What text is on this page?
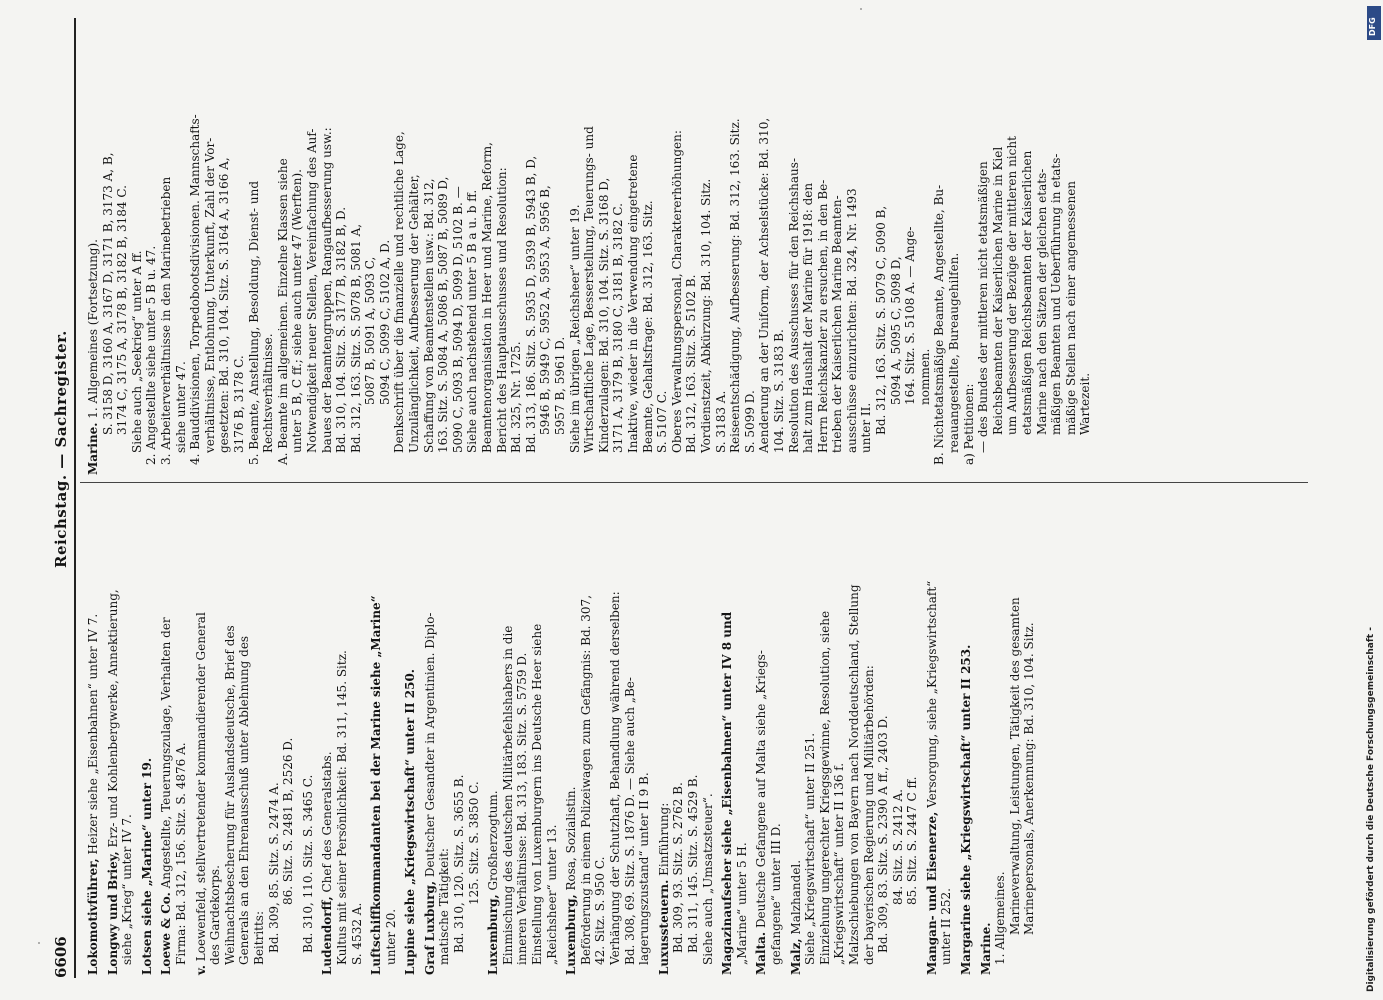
6606
Reichstag. — Sachregister.
Lokomotivführer, Heizer siehe „Eisenbahnen“ unter IV 7.
Longwy und Briey, Erz- und Kohlenbergwerke, Annektierung,
siehe „Krieg“ unter IV 7. Lotsen siehe „Marine“ unter 19. Loewe & Co. Angestellte, Teuerungszulage, Verhalten der Firma: Bd. 312, 156. Sitz. S. 4876 A.
v. Loewenfeld, stellvertretender kommandierender General des Gardekorps. Weihnachtsbescherung für Auslandsdeutsche, Brief des Generals an den Ehrenausschuß unter Ablehnung des Beitritts: Bd. 309, 85. Sitz. S. 2474 A. 86. Sitz. S. 2481 B, 2526 D. Bd. 310, 110. Sitz. S. 3465 C. Ludendorff, Chef des Generalstabs. Kultus mit seiner Persönlichkeit: Bd. 311, 145. Sitz. S. 4532 A. Luftschiffkommandanten bei der Marine siehe „Marine“ unter 20. Lupine siehe „Kriegswirtschaft“ unter II 250. Graf Luxburg, Deutscher Gesandter in Argentinien. Diplo-
matische Tätigkeit: Bd. 310, 120. Sitz. S. 3655 B. 125. Sitz. S. 3850 C.
Luxemburg, Großherzogtum. Einmischung des deutschen Militärbefehlshabers in die inneren Verhältnisse: Bd. 313, 183. Sitz. S. 5759 D. Einstellung von Luxemburgern ins Deutsche Heer siehe „Reichsheer“ unter 13. Luxemburg, Rosa, Sozialistin. Beförderung in einem Polizeiwagen zum Gefängnis: Bd. 307, 42. Sitz. S. 950 C. Verhängung der Schutzhaft, Behandlung während derselben: Bd. 308, 69. Sitz. S. 1876 D. — Siehe auch „Be- lagerungszustand“ unter II 9 B. Luxussteuern. Einführung: Bd. 309, 93. Sitz. S. 2762 B. Bd. 311, 145. Sitz. S. 4529 B. Siehe auch „Umsatzsteuer“. Magazinaufseher siehe „Eisenbahnen“ unter IV 8 und „Marine“ unter 5 H. Malta. Deutsche Gefangene auf Malta siehe „Kriegs- gefangene“ unter III D. Malz, Malzhandel. Siehe „Kriegswirtschaft“ unter II 251. Einziehung ungerechter Kriegsgewinne, Resolution, siehe „Kriegswirtschaft“ unter II 136 f. Malzschiebungen von Bayern nach Norddeutschland, Stellung der bayerischen Regierung und Militärbehörden: Bd. 309, 83. Sitz. S. 2390 A ff., 2403 D. 84. Sitz. S. 2412 A. 85. Sitz. S. 2447 C ff. Mangan- und Eisenerze, Versorgung, siehe „Kriegswirtschaft“
unter II 252. Margarine siehe „Kriegswirtschaft“ unter II 253. Marine. 1. Allgemeines. Marineverwaltung, Leistungen, Tätigkeit des gesamten Marinepersonals, Anerkennung: Bd. 310, 104. Sitz.
Marine. 1. Allgemeines (Fortsetzung). S. 3158 D, 3160 A, 3167 D, 3171 B, 3173 A, B, 3174 C, 3175 A, 3178 B, 3182 B, 3184 C. Siehe auch „Seekrieg“ unter A ff. 2. Angestellte siehe unter 5 B u. 47. 3. Arbeiterverhältnisse in den Marinebetrieben siehe unter 47. 4. Bauddivisionen, Torpedobootsdivisionen. Mannschafts- verhältnisse, Entlohnung, Unterkunft, Zahl der Vor- gesetzten: Bd. 310, 104. Sitz. S. 3164 A, 3166 A, 3176 B, 3178 C. 5. Beamte, Anstellung, Besoldung, Dienst- und Rechtsverhältnisse. A. Beamte im allgemeinen. Einzelne Klassen siehe unter 5 B, C ff.; siehe auch unter 47 (Werften). Notwendigkeit neuer Stellen, Vereinfachung des Auf- baues der Beamtengruppen, Rangaufbesserung usw.: Bd. 310, 104. Sitz. S. 3177 B, 3182 B, D. Bd. 312, 163. Sitz. S. 5078 B, 5081 A, 5087 B, 5091 A, 5093 C, 5094 C, 5099 C, 5102 A, D. Denkschrift über die finanzielle und rechtliche Lage, Unzulänglichkeit, Aufbesserung der Gehälter, Schaffung von Beamtenstellen usw.: Bd. 312, 163. Sitz. S. 5084 A, 5086 B, 5087 B, 5089 D, 5090 C, 5093 B, 5094 D, 5099 D, 5102 B. — Siehe auch nachstehend unter 5 B a u. b ff. Beamtenorganisation in Heer und Marine, Reform, Bericht des Hauptausschusses und Resolution: Bd. 325, Nr. 1725. Bd. 313, 186. Sitz. S. 5935 D, 5939 B, 5943 B, D, 5946 B, 5949 C, 5952 A, 5953 A, 5956 B, 5957 B, 5961 D. Siehe im übrigen „Reichsheer“ unter 19. Wirtschaftliche Lage, Besserstellung, Teuerungs- und Kinderzulagen: Bd. 310, 104. Sitz. S. 3168 D, 3171 A, 3179 B, 3180 C, 3181 B, 3182 C. Inaktive, wieder in die Verwendung eingetretene Beamte, Gehaltsfrage: Bd. 312, 163. Sitz. S. 5107 C. Oberes Verwaltungspersonal, Charaktererhöhungen: Bd. 312, 163. Sitz. S. 5102 B. Vordienstzeit, Abkürzung: Bd. 310, 104. Sitz. S. 3183 A. Reiseentschädigung, Aufbesserung: Bd. 312, 163. Sitz. S. 5099 D. Aenderung an der Uniform, der Achselstücke: Bd. 310, 104. Sitz. S. 3183 B. Resolution des Ausschusses für den Reichshaus- halt zum Haushalt der Marine für 1918: den Herrn Reichskanzler zu ersuchen, in den Be- trieben der Kaiserlichen Marine Beamten- ausschüsse einzurichten: Bd. 324, Nr. 1493 unter II. Bd. 312, 163. Sitz. S. 5079 C, 5090 B, 5094 A, 5095 C, 5098 D, 164. Sitz. S. 5108 A. — Ange- nommen. B. Nichtetatsmäßige Beamte, Angestellte, Bu- reauangestellte, Bureaugehilfen. a) Petitionen: — des Bundes der mittleren nicht etatsmäßigen Reichsbeamten der Kaiserlichen Marine in Kiel um Aufbesserung der Bezüge der mittleren nicht etatsmäßigen Reichsbeamten der Kaiserlichen Marine nach den Sätzen der gleichen etats- mäßigen Beamten und Ueberführung in etats- mäßige Stellen nach einer angemessenen Wartezeit.
Digitalisierung gefördert durch die Deutsche Forschungsgemeinschaft -
DFG
